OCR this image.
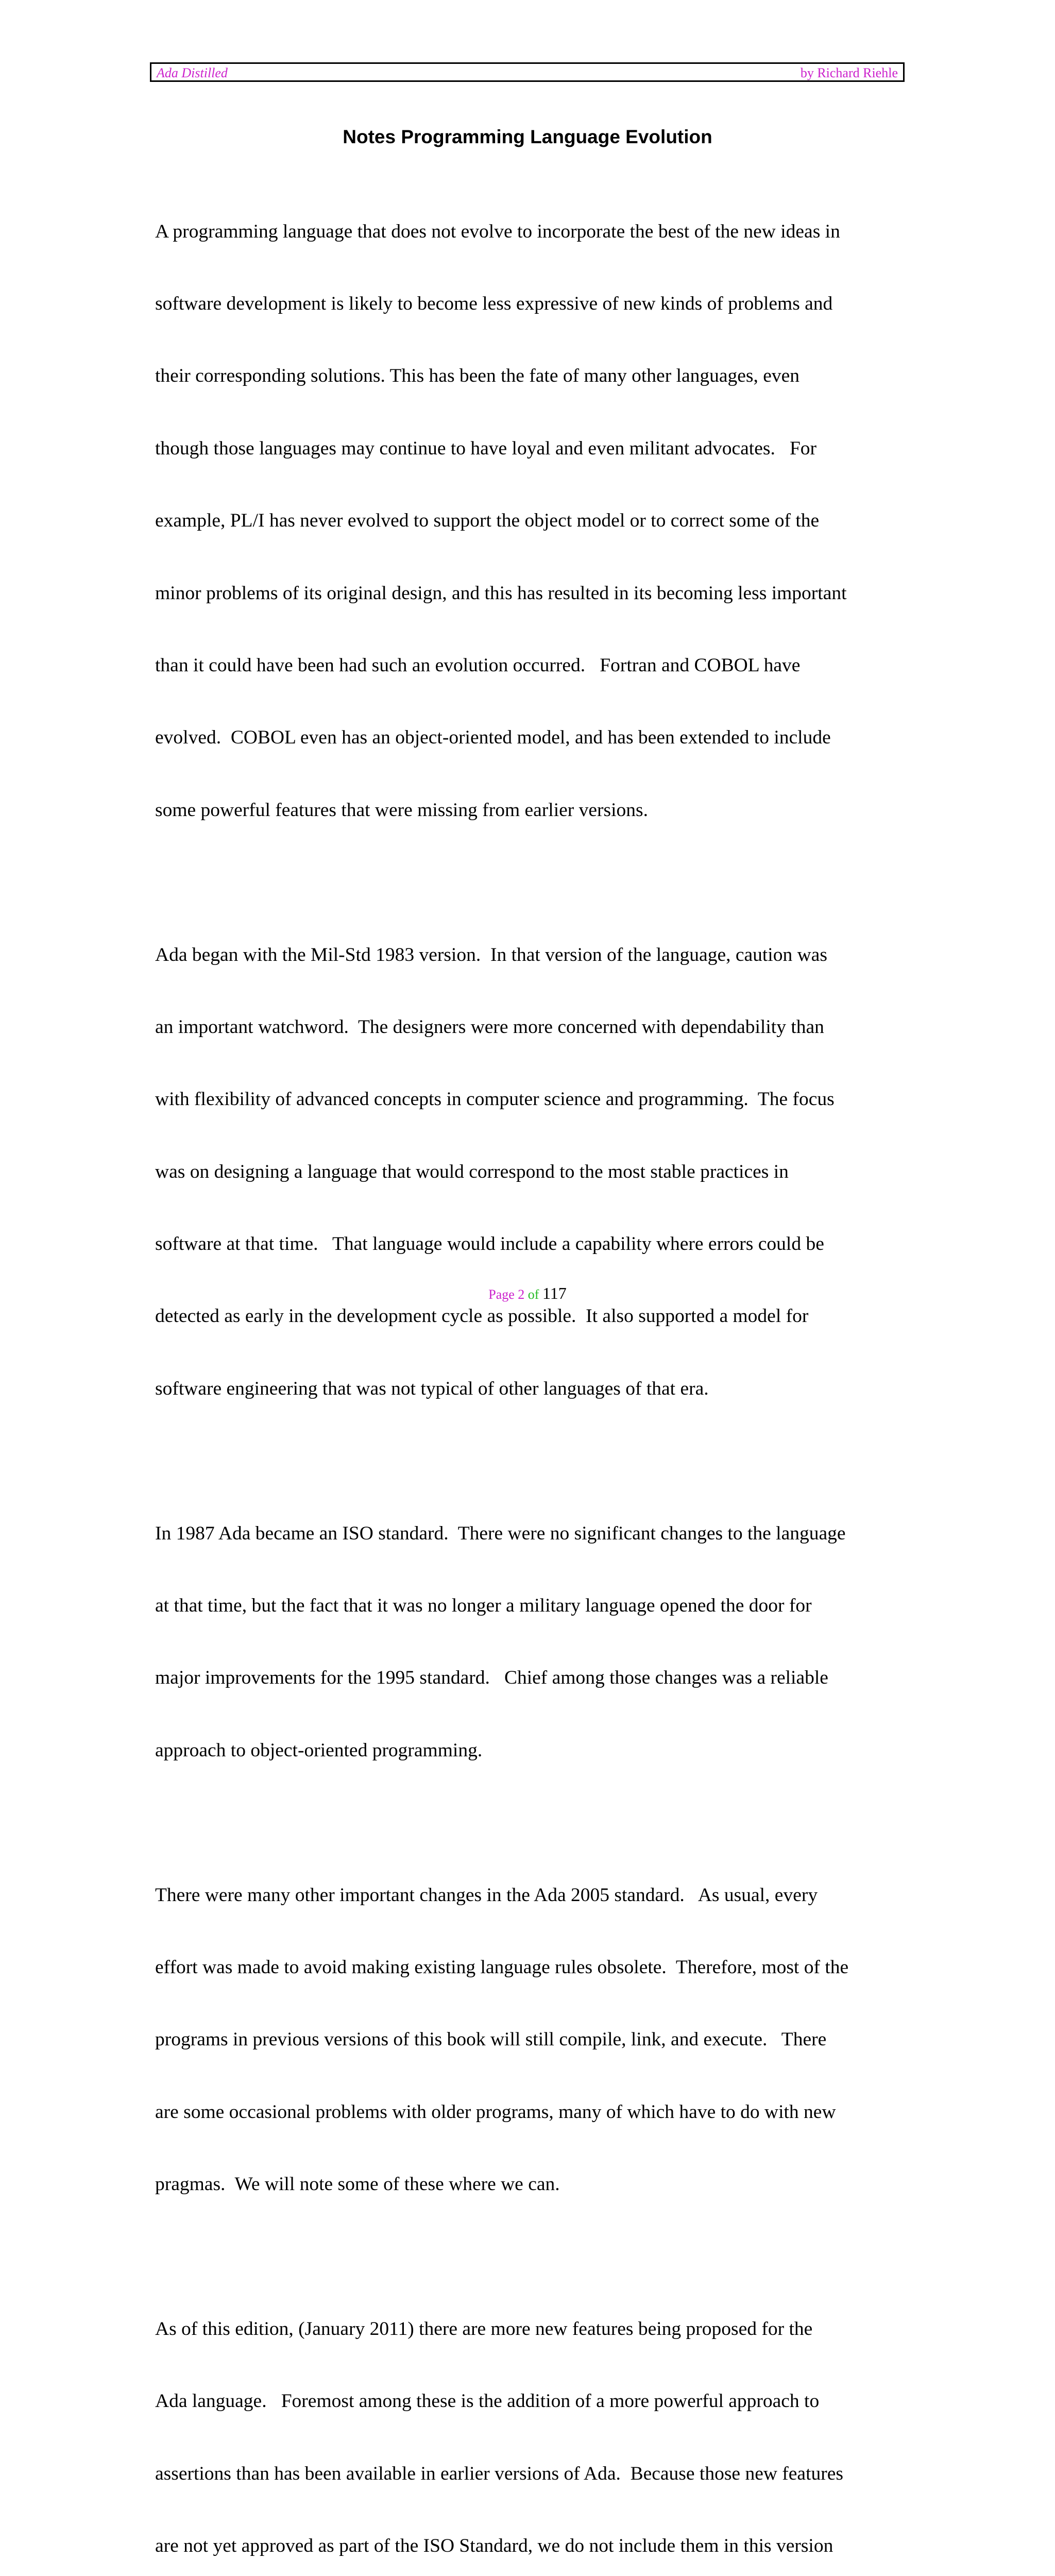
Ada Distilled	by Richard Riehle
Notes Programming Language Evolution

A programming language that does not evolve to incorporate the best of the new ideas in

software development is likely to become less expressive of new kinds of problems and

their corresponding solutions. This has been the fate of many other languages, even

though those languages may continue to have loyal and even militant advocates.   For

example, PL/I has never evolved to support the object model or to correct some of the

minor problems of its original design, and this has resulted in its becoming less important

than it could have been had such an evolution occurred.   Fortran and COBOL have

evolved.  COBOL even has an object-oriented model, and has been extended to include

some powerful features that were missing from earlier versions.

Ada began with the Mil-Std 1983 version.  In that version of the language, caution was

an important watchword.  The designers were more concerned with dependability than

with flexibility of advanced concepts in computer science and programming.  The focus

was on designing a language that would correspond to the most stable practices in

software at that time.   That language would include a capability where errors could be

detected as early in the development cycle as possible.  It also supported a model for

software engineering that was not typical of other languages of that era.

In 1987 Ada became an ISO standard.  There were no significant changes to the language

at that time, but the fact that it was no longer a military language opened the door for

major improvements for the 1995 standard.   Chief among those changes was a reliable

approach to object-oriented programming.

There were many other important changes in the Ada 2005 standard.   As usual, every

effort was made to avoid making existing language rules obsolete.  Therefore, most of the

programs in previous versions of this book will still compile, link, and execute.   There

are some occasional problems with older programs, many of which have to do with new

pragmas.  We will note some of these where we can.

As of this edition, (January 2011) there are more new features being proposed for the

Ada language.   Foremost among these is the addition of a more powerful approach to

assertions than has been available in earlier versions of Ada.  Because those new features

are not yet approved as part of the ISO Standard, we do not include them in this version

Page 2 of 117
